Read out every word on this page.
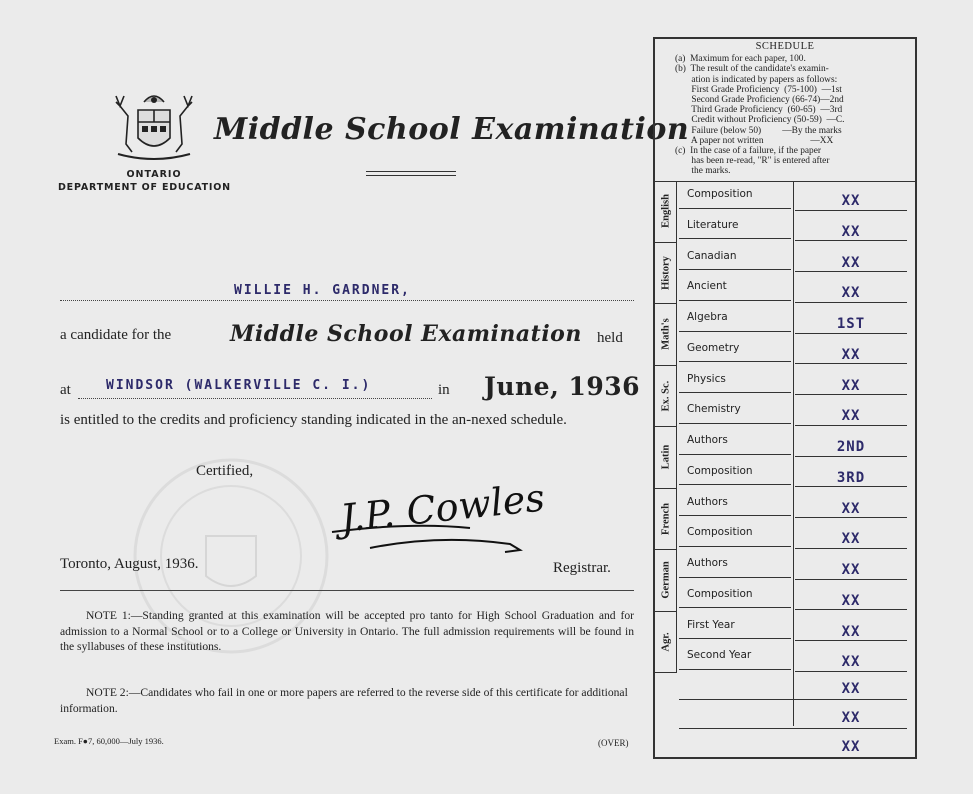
ONTARIO
DEPARTMENT OF EDUCATION
Middle School Examination
WILLIE H. GARDNER,
a candidate for the	Middle School Examination held
at	WINDSOR (WALKERVILLE C. I.)	in June, 1936
is entitled to the credits and proficiency standing indicated in the an-nexed schedule.
Certified,
J.P. Cowles
Toronto, August, 1936.	Registrar.
NOTE 1:—Standing granted at this examination will be accepted pro tanto for High School Graduation and for admission to a Normal School or to a College or University in Ontario. The full admission requirements will be found in the syllabuses of these institutions.
NOTE 2:—Candidates who fail in one or more papers are referred to the reverse side of this certificate for additional information.
Exam. F●7, 60,000—July 1936.	(OVER)
SCHEDULE
(a)  Maximum for each paper, 100.
(b)  The result of the candidate's examin-
ation is indicated by papers as follows:
First Grade Proficiency  (75-100)  —1st
Second Grade Proficiency (66-74)—2nd
Third Grade Proficiency  (60-65)  —3rd
Credit without Proficiency (50-59)  —C.
Failure (below 50)         —By the marks
A paper not written                    —XX
(c)  In the case of a failure, if the paper
has been re-read, "R" is entered after
the marks.
English
Composition	XX
Literature	XX
History
Canadian	XX
Ancient	XX
Math's
Algebra	1ST
Geometry	XX
Ex. Sc.
Physics	XX
Chemistry	XX
Latin
Authors	2ND
Composition	3RD
French
Authors	XX
Composition	XX
German Authors	XX
Composition	XX
Agr.
First Year	XX
Second Year	XX
XX
XX
XX
